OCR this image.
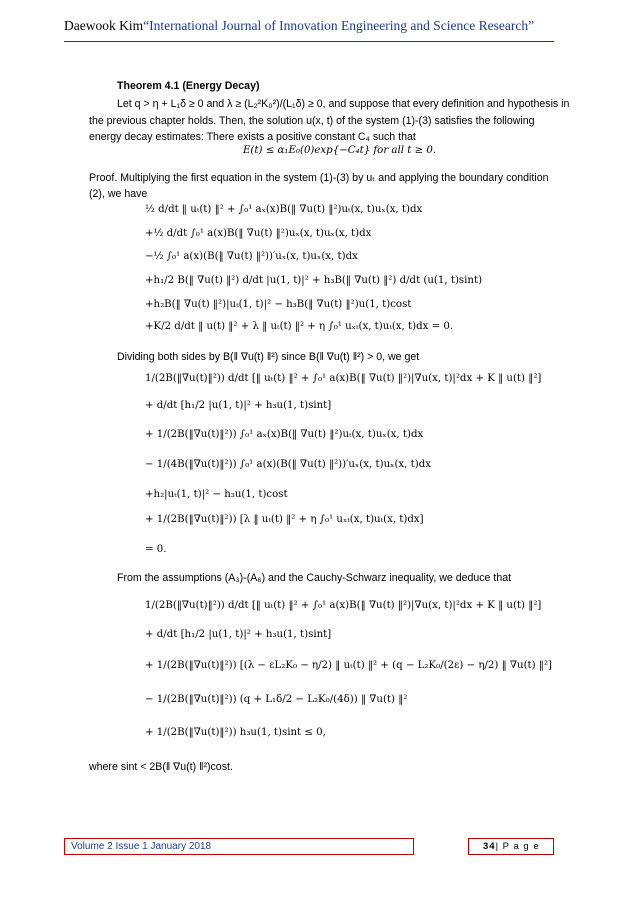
Daewook Kim“International Journal of Innovation Engineering and Science Research”
Theorem 4.1 (Energy Decay)
Let q > η + L₁δ ≥ 0 and λ ≥ (L₂²K₀²)/(L₁δ) ≥ 0, and suppose that every definition and hypothesis in
the previous chapter holds. Then, the solution u(x, t) of the system (1)-(3) satisfies the following
energy decay estimates: There exists a positive constant C₄ such that
E(t) ≤ α₁E₀(0)exp{−C₄t} for all t ≥ 0.
Proof. Multiplying the first equation in the system (1)-(3) by uₜ and applying the boundary condition
(2), we have
½ d/dt ‖ uₜ(t) ‖² + ∫₀¹ aₓ(x)B(‖ ∇u(t) ‖²)uₜ(x, t)uₓ(x, t)dx
+½ d/dt ∫₀¹ a(x)B(‖ ∇u(t) ‖²)uₓ(x, t)uₓ(x, t)dx
−½ ∫₀¹ a(x)(B(‖ ∇u(t) ‖²))′uₓ(x, t)uₓ(x, t)dx
+h₁/2 B(‖ ∇u(t) ‖²) d/dt |u(1, t)|² + h₃B(‖ ∇u(t) ‖²) d/dt (u(1, t)sint)
+h₂B(‖ ∇u(t) ‖²)|uₜ(1, t)|² − h₃B(‖ ∇u(t) ‖²)u(1, t)cost
+K/2 d/dt ‖ u(t) ‖² + λ ‖ uₜ(t) ‖² + η ∫₀¹ uₓₜ(x, t)uₜ(x, t)dx = 0.
Dividing both sides by B(‖ ∇u(t) ‖²) since B(‖ ∇u(t) ‖²) > 0, we get
1/(2B(‖∇u(t)‖²)) d/dt [‖ uₜ(t) ‖² + ∫₀¹ a(x)B(‖ ∇u(t) ‖²)|∇u(x, t)|²dx + K ‖ u(t) ‖²]
+ d/dt [h₁/2 |u(1, t)|² + h₃u(1, t)sint]
+ 1/(2B(‖∇u(t)‖²)) ∫₀¹ aₓ(x)B(‖ ∇u(t) ‖²)uₜ(x, t)uₓ(x, t)dx
− 1/(4B(‖∇u(t)‖²)) ∫₀¹ a(x)(B(‖ ∇u(t) ‖²))′uₓ(x, t)uₓ(x, t)dx
+h₂|uₜ(1, t)|² − h₃u(1, t)cost
+ 1/(2B(‖∇u(t)‖²)) [λ ‖ uₜ(t) ‖² + η ∫₀¹ uₓₜ(x, t)uₜ(x, t)dx]
= 0.
From the assumptions (A₃)-(A₆) and the Cauchy-Schwarz inequality, we deduce that
1/(2B(‖∇u(t)‖²)) d/dt [‖ uₜ(t) ‖² + ∫₀¹ a(x)B(‖ ∇u(t) ‖²)|∇u(x, t)|²dx + K ‖ u(t) ‖²]
+ d/dt [h₁/2 |u(1, t)|² + h₃u(1, t)sint]
+ 1/(2B(‖∇u(t)‖²)) [(λ − εL₂K₀ − η/2) ‖ uₜ(t) ‖² + (q − L₂K₀/(2ε) − η/2) ‖ ∇u(t) ‖²]
− 1/(2B(‖∇u(t)‖²)) (q + L₁δ/2 − L₂K₀/(4δ)) ‖ ∇u(t) ‖²
+ 1/(2B(‖∇u(t)‖²)) h₃u(1, t)sint ≤ 0,
where sint < 2B(‖ ∇u(t) ‖²)cost.
Volume 2 Issue 1 January 2018	34| P a g e
